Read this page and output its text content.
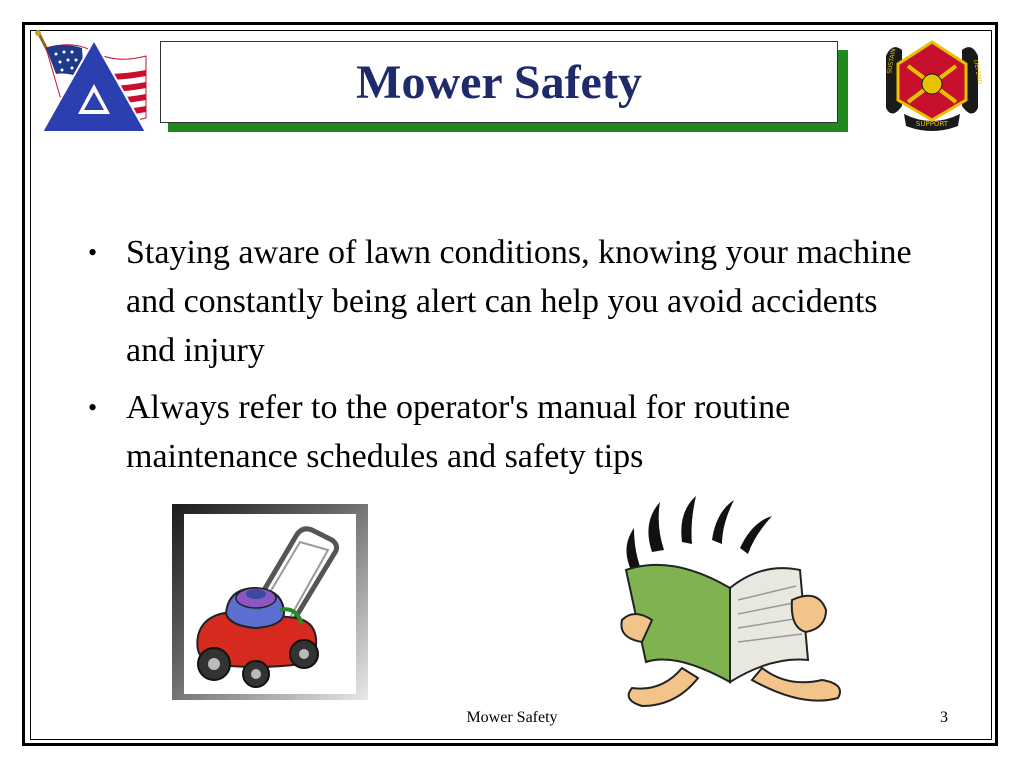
Mower Safety	SUSTAIN	DEFEND
SUPPORT
• Staying aware of lawn conditions, knowing your machine and constantly being alert can help you avoid accidents and injury
• Always refer to the operator's manual for routine maintenance schedules and safety tips
Mower Safety	3
